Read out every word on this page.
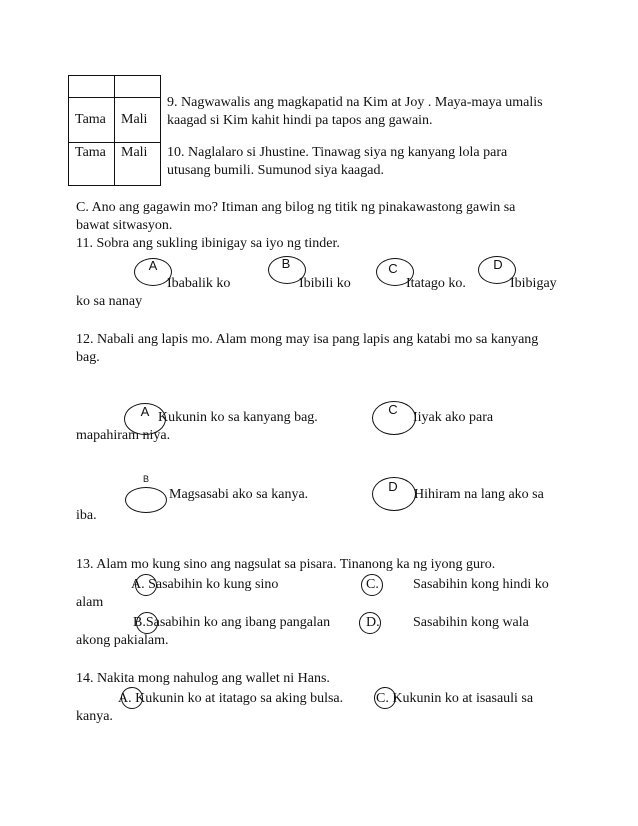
Tama	Mali
Tama	Mali
9. Nagwawalis ang magkapatid na Kim at Joy . Maya-maya umalis
kaagad si Kim kahit hindi pa tapos ang gawain.
10. Naglalaro si Jhustine. Tinawag siya ng kanyang lola para
utusang bumili. Sumunod siya kaagad.
C. Ano ang gagawin mo? Itiman ang bilog ng titik ng pinakawastong gawin sa
bawat sitwasyon.
11. Sobra ang sukling ibinigay sa iyo ng tinder.
A
Ibabalik ko
B
Ibibili ko
C
Itatago ko.
D
Ibibigay
ko sa nanay
12. Nabali ang lapis mo. Alam mong may isa pang lapis ang katabi mo sa kanyang
bag.
A Kukunin ko sa kanyang bag.
C
Iiyak ako para
mapahiram niya.
B
Magsasabi ako sa kanya.
D
Hihiram na lang ako sa
iba.
13. Alam mo kung sino ang nagsulat sa pisara. Tinanong ka ng iyong guro.
A. Sasabihin ko kung sino	C. Sasabihin kong hindi ko
alam
B.Sasabihin ko ang ibang pangalan	D. Sasabihin kong wala
akong pakialam.
14. Nakita mong nahulog ang wallet ni Hans.
A. Kukunin ko at itatago sa aking bulsa. C. Kukunin ko at isasauli sa
kanya.
